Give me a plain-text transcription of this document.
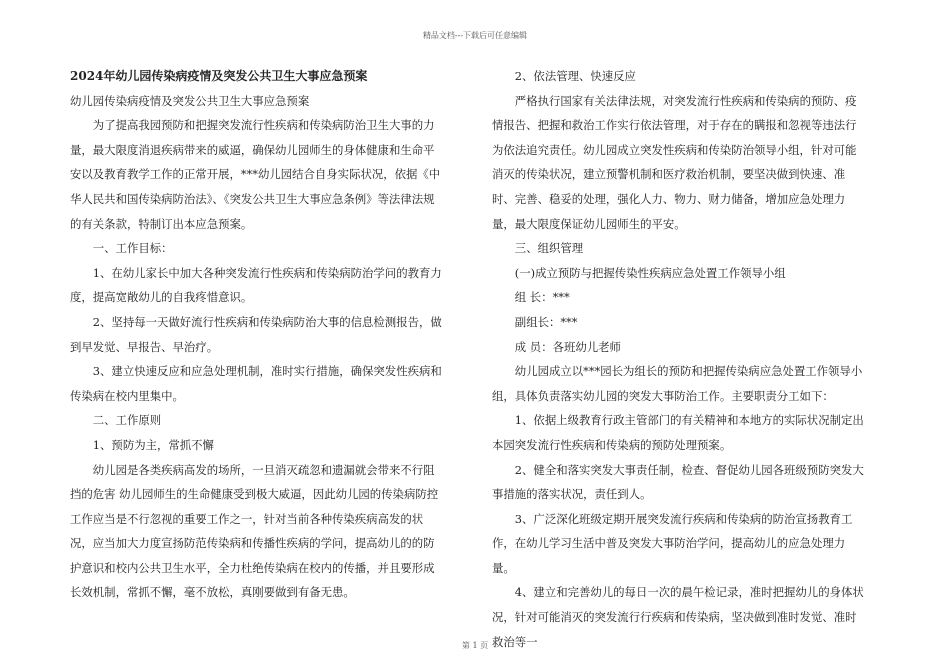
精品文档---下载后可任意编辑

2024年幼儿园传染病疫情及突发公共卫生大事应急预案

幼儿园传染病疫情及突发公共卫生大事应急预案

为了提高我园预防和把握突发流行性疾病和传染病防治卫生大事的力量，最大限度消退疾病带来的威逼，确保幼儿园师生的身体健康和生命平安以及教育教学工作的正常开展，***幼儿园结合自身实际状况，依据《中华人民共和国传染病防治法》、《突发公共卫生大事应急条例》等法律法规的有关条款，特制订出本应急预案。

一、工作目标：

1、在幼儿家长中加大各种突发流行性疾病和传染病防治学问的教育力度，提高宽敞幼儿的自我疼惜意识。

2、坚持每一天做好流行性疾病和传染病防治大事的信息检测报告，做到早发觉、早报告、早治疗。

3、建立快速反应和应急处理机制，准时实行措施，确保突发性疾病和传染病在校内里集中。

二、工作原则

1、预防为主，常抓不懈

幼儿园是各类疾病高发的场所，一旦消灭疏忽和遗漏就会带来不行阻挡的危害 幼儿园师生的生命健康受到极大威逼，因此幼儿园的传染病防控工作应当是不行忽视的重要工作之一，针对当前各种传染疾病高发的状况，应当加大力度宣扬防范传染病和传播性疾病的学问，提高幼儿的的防护意识和校内公共卫生水平，全力杜绝传染病在校内的传播，并且要形成长效机制，常抓不懈，毫不放松，真刚要做到有备无患。

2、依法管理、快速反应

严格执行国家有关法律法规，对突发流行性疾病和传染病的预防、疫情报告、把握和救治工作实行依法管理，对于存在的瞒报和忽视等违法行为依法追究责任。幼儿园成立突发性疾病和传染防治领导小组，针对可能消灭的传染状况，建立预警机制和医疗救治机制，要坚决做到快速、准时、完善、稳妥的处理，强化人力、物力、财力储备，增加应急处理力量，最大限度保证幼儿园师生的平安。

三、组织管理

(一)成立预防与把握传染性疾病应急处置工作领导小组

组 长：***

副组长：***

成 员：各班幼儿老师

幼儿园成立以***园长为组长的预防和把握传染病应急处置工作领导小组，具体负责落实幼儿园的突发大事防治工作。主要职责分工如下：

1、依据上级教育行政主管部门的有关精神和本地方的实际状况制定出本园突发流行性疾病和传染病的预防处理预案。

2、健全和落实突发大事责任制，检查、督促幼儿园各班级预防突发大事措施的落实状况，责任到人。

3、广泛深化班级定期开展突发流行疾病和传染病的防治宣扬教育工作，在幼儿学习生活中普及突发大事防治学问，提高幼儿的应急处理力量。

4、建立和完善幼儿的每日一次的晨午检记录，准时把握幼儿的身体状况，针对可能消灭的突发流行行疾病和传染病，坚决做到准时发觉、准时救治等一

第 1 页
